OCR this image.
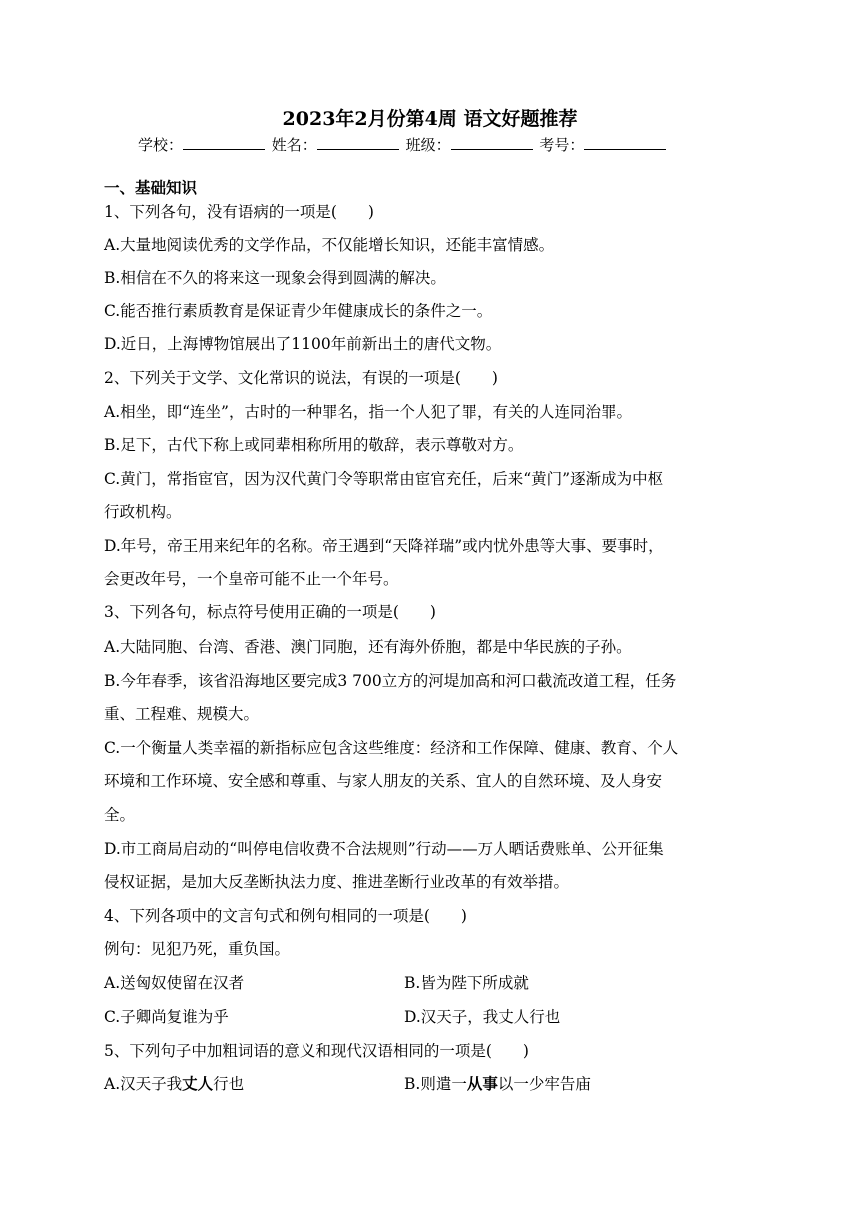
2023年2月份第4周 语文好题推荐
学校：	姓名：	班级：	考号：
一、基础知识
1、下列各句，没有语病的一项是(　　)
A.大量地阅读优秀的文学作品，不仅能增长知识，还能丰富情感。
B.相信在不久的将来这一现象会得到圆满的解决。
C.能否推行素质教育是保证青少年健康成长的条件之一。
D.近日，上海博物馆展出了1100年前新出土的唐代文物。
2、下列关于文学、文化常识的说法，有误的一项是(　　)
A.相坐，即“连坐”，古时的一种罪名，指一个人犯了罪，有关的人连同治罪。
B.足下，古代下称上或同辈相称所用的敬辞，表示尊敬对方。
C.黄门，常指宦官，因为汉代黄门令等职常由宦官充任，后来“黄门”逐渐成为中枢
行政机构。
D.年号，帝王用来纪年的名称。帝王遇到“天降祥瑞”或内忧外患等大事、要事时，
会更改年号，一个皇帝可能不止一个年号。
3、下列各句，标点符号使用正确的一项是(　　)
A.大陆同胞、台湾、香港、澳门同胞，还有海外侨胞，都是中华民族的子孙。
B.今年春季，该省沿海地区要完成3 700立方的河堤加高和河口截流改道工程，任务
重、工程难、规模大。
C.一个衡量人类幸福的新指标应包含这些维度：经济和工作保障、健康、教育、个人
环境和工作环境、安全感和尊重、与家人朋友的关系、宜人的自然环境、及人身安
全。
D.市工商局启动的“叫停电信收费不合法规则”行动——万人晒话费账单、公开征集
侵权证据，是加大反垄断执法力度、推进垄断行业改革的有效举措。
4、下列各项中的文言句式和例句相同的一项是(　　)
例句：见犯乃死，重负国。
A.送匈奴使留在汉者	B.皆为陛下所成就
C.子卿尚复谁为乎	D.汉天子，我丈人行也
5、下列句子中加粗词语的意义和现代汉语相同的一项是(　　)
A.汉天子我丈人行也	B.则遣一从事以一少牢告庙
